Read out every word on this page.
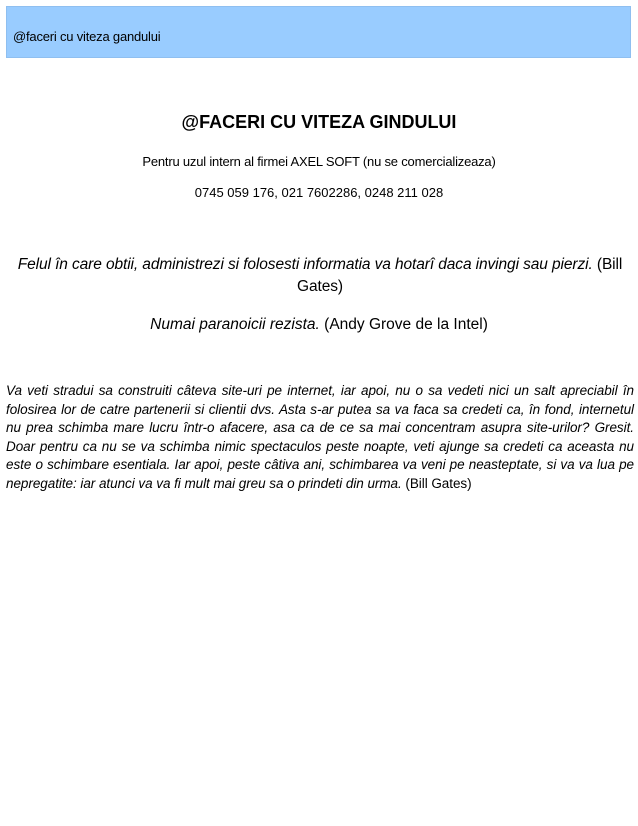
@faceri cu viteza gandului
@FACERI CU VITEZA GINDULUI
Pentru uzul intern al firmei AXEL SOFT (nu se comercializeaza)
0745 059 176, 021 7602286, 0248 211 028
Felul în care obtii, administrezi si folosesti informatia va hotarî daca invingi sau pierzi. (Bill Gates)
Numai paranoicii rezista. (Andy Grove de la Intel)
Va veti stradui sa construiti câteva site-uri pe internet, iar apoi, nu o sa vedeti nici un salt apreciabil în folosirea lor de catre partenerii si clientii dvs. Asta s-ar putea sa va faca sa credeti ca, în fond, internetul nu prea schimba mare lucru într-o afacere, asa ca de ce sa mai concentram asupra site-urilor? Gresit. Doar pentru ca nu se va schimba nimic spectaculos peste noapte, veti ajunge sa credeti ca aceasta nu este o schimbare esentiala. Iar apoi, peste câtiva ani, schimbarea va veni pe neasteptate, si va va lua pe nepregatite: iar atunci va va fi mult mai greu sa o prindeti din urma. (Bill Gates)
